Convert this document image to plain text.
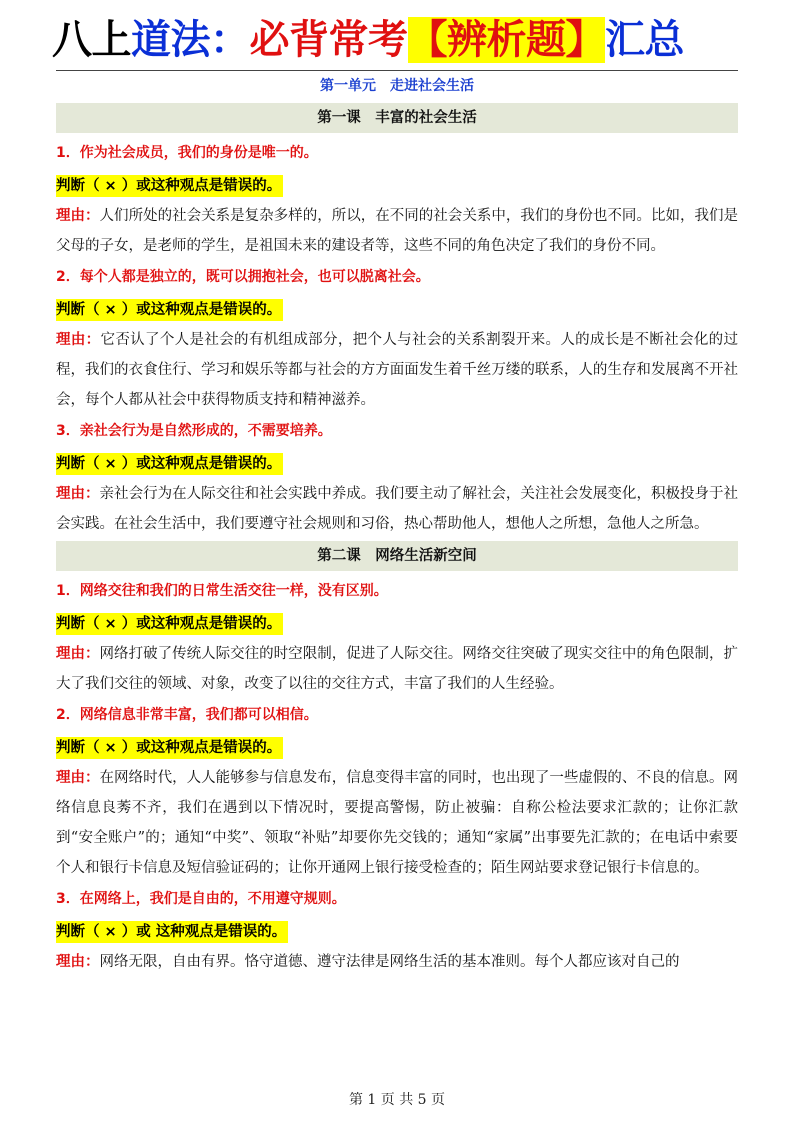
八上道法：必背常考【辨析题】汇总
第一单元　走进社会生活
第一课　丰富的社会生活
1．作为社会成员，我们的身份是唯一的。
判断（ × ）或这种观点是错误的。
理由：人们所处的社会关系是复杂多样的，所以，在不同的社会关系中，我们的身份也不同。比如，我们是父母的子女，是老师的学生，是祖国未来的建设者等，这些不同的角色决定了我们的身份不同。
2．每个人都是独立的，既可以拥抱社会，也可以脱离社会。
判断（ × ）或这种观点是错误的。
理由：它否认了个人是社会的有机组成部分，把个人与社会的关系割裂开来。人的成长是不断社会化的过程，我们的衣食住行、学习和娱乐等都与社会的方方面面发生着千丝万缕的联系，人的生存和发展离不开社会，每个人都从社会中获得物质支持和精神滋养。
3．亲社会行为是自然形成的，不需要培养。
判断（ × ）或这种观点是错误的。
理由：亲社会行为在人际交往和社会实践中养成。我们要主动了解社会，关注社会发展变化，积极投身于社会实践。在社会生活中，我们要遵守社会规则和习俗，热心帮助他人，想他人之所想，急他人之所急。
第二课　网络生活新空间
1．网络交往和我们的日常生活交往一样，没有区别。
判断（ × ）或这种观点是错误的。
理由：网络打破了传统人际交往的时空限制，促进了人际交往。网络交往突破了现实交往中的角色限制，扩大了我们交往的领域、对象，改变了以往的交往方式，丰富了我们的人生经验。
2．网络信息非常丰富，我们都可以相信。
判断（ × ）或这种观点是错误的。
理由：在网络时代，人人能够参与信息发布，信息变得丰富的同时，也出现了一些虚假的、不良的信息。网络信息良莠不齐，我们在遇到以下情况时，要提高警惕，防止被骗：自称公检法要求汇款的；让你汇款到“安全账户”的；通知“中奖”、领取“补贴”却要你先交钱的；通知“家属”出事要先汇款的；在电话中索要个人和银行卡信息及短信验证码的；让你开通网上银行接受检查的；陌生网站要求登记银行卡信息的。
3．在网络上，我们是自由的，不用遵守规则。
判断（ × ）或 这种观点是错误的。
理由：网络无限，自由有界。恪守道德、遵守法律是网络生活的基本准则。每个人都应该对自己的
第 1 页 共 5 页
